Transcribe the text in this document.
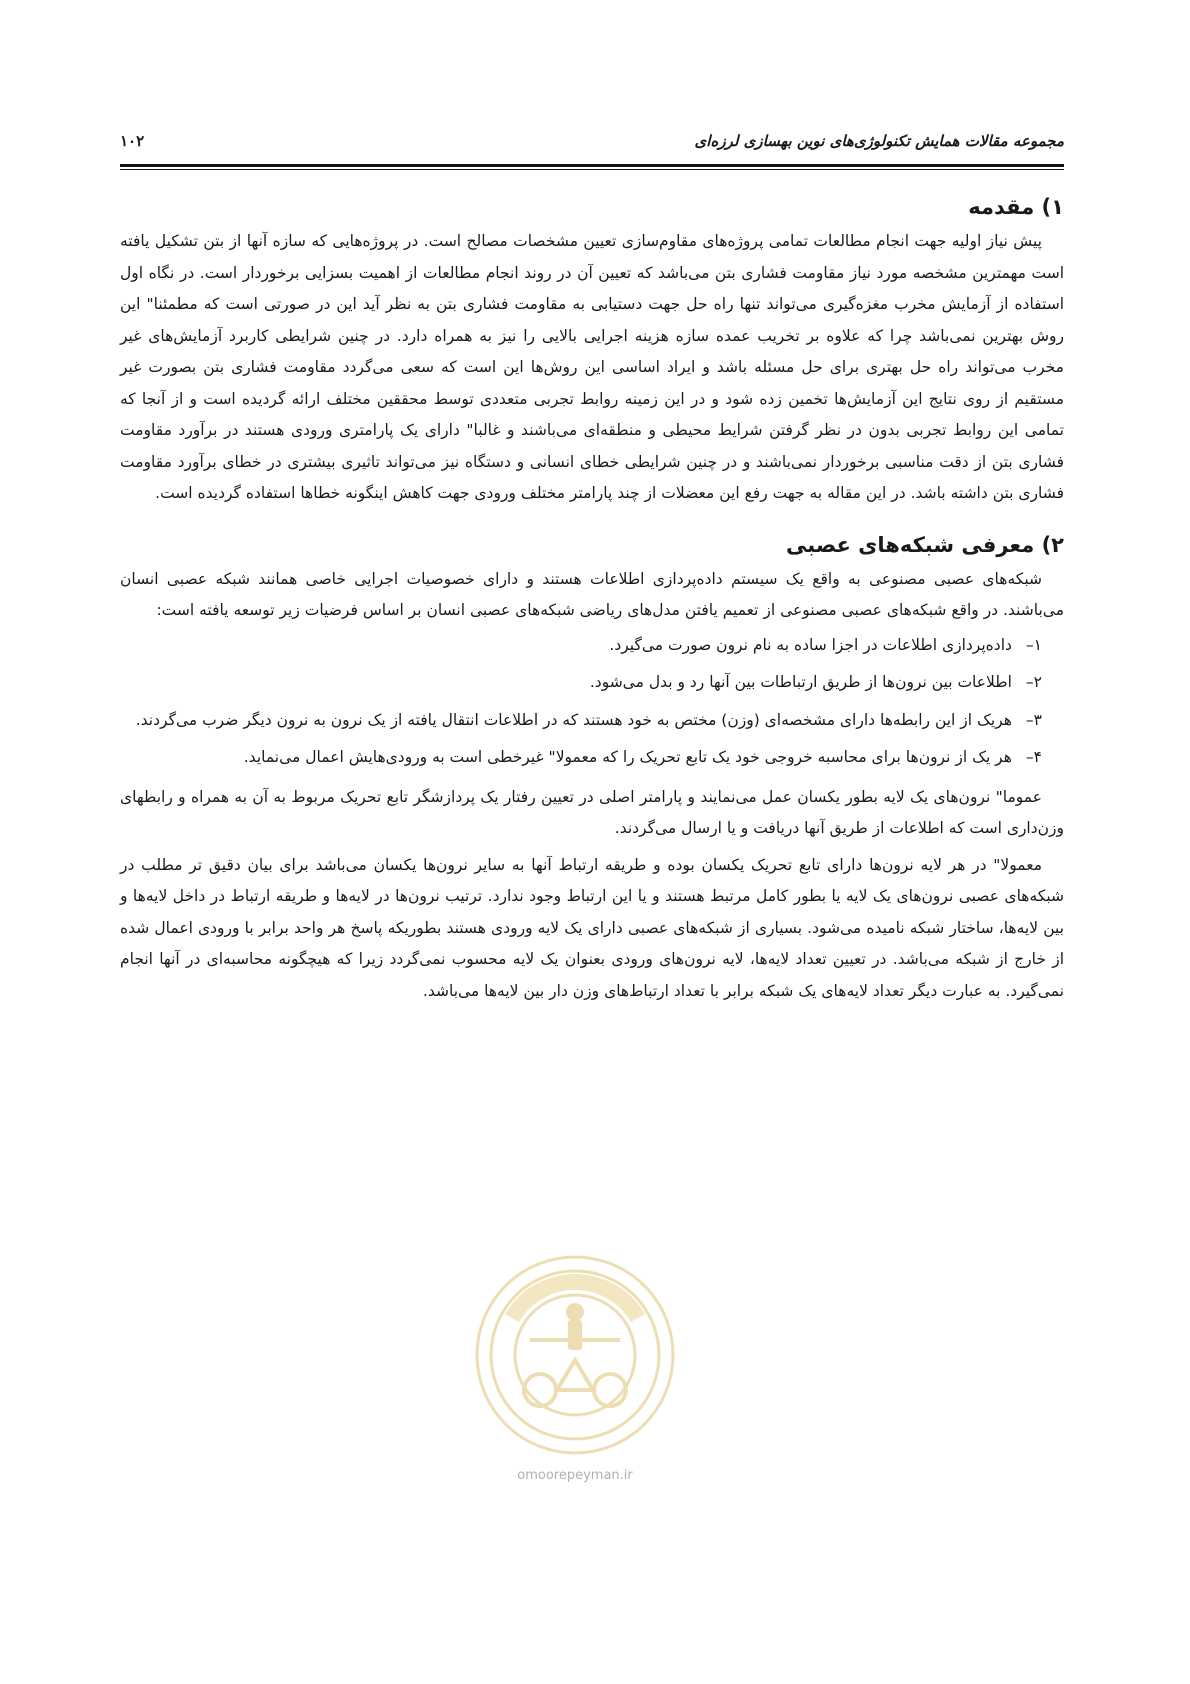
مجموعه مقالات همایش تکنولوژی‌های نوین بهسازی لرزه‌ای
۱۰۲
۱) مقدمه

پیش نیاز اولیه جهت انجام مطالعات تمامی پروژه‌های مقاوم‌سازی تعیین مشخصات مصالح است. در پروژه‌هایی که سازه آنها از بتن تشکیل یافته است مهمترین مشخصه مورد نیاز مقاومت فشاری بتن می‌باشد که تعیین آن در روند انجام مطالعات از اهمیت بسزایی برخوردار است. در نگاه اول استفاده از آزمایش مخرب مغزه‌گیری می‌تواند تنها راه حل جهت دستیابی به مقاومت فشاری بتن به نظر آید این در صورتی است که مطمئنا" این روش بهترین نمی‌باشد چرا که علاوه بر تخریب عمده سازه هزینه اجرایی بالایی را نیز به همراه دارد. در چنین شرایطی کاربرد آزمایش‌های غیر مخرب می‌تواند راه حل بهتری برای حل مسئله باشد و ایراد اساسی این روش‌ها این است که سعی می‌گردد مقاومت فشاری بتن بصورت غیر مستقیم از روی نتایج این آزمایش‌ها تخمین زده شود و در این زمینه روابط تجربی متعددی توسط محققین مختلف ارائه گردیده است و از آنجا که تمامی این روابط تجربی بدون در نظر گرفتن شرایط محیطی و منطقه‌ای می‌باشند و غالبا" دارای یک پارامتری ورودی هستند در برآورد مقاومت فشاری بتن از دقت مناسبی برخوردار نمی‌باشند و در چنین شرایطی خطای انسانی و دستگاه نیز می‌تواند تاثیری بیشتری در خطای برآورد مقاومت فشاری بتن داشته باشد. در این مقاله به جهت رفع این معضلات از چند پارامتر مختلف ورودی جهت کاهش اینگونه خطاها استفاده گردیده است.

۲) معرفی شبکه‌های عصبی

شبکه‌های عصبی مصنوعی به واقع یک سیستم داده‌پردازی اطلاعات هستند و دارای خصوصیات اجرایی خاصی همانند شبکه عصبی انسان می‌باشند. در واقع شبکه‌های عصبی مصنوعی از تعمیم یافتن مدل‌های ریاضی شبکه‌های عصبی انسان بر اساس فرضیات زیر توسعه یافته است:

۱–داده‌پردازی اطلاعات در اجزا ساده به نام نرون صورت می‌گیرد.
۲–اطلاعات بین نرون‌ها از طریق ارتباطات بین آنها رد و بدل می‌شود.
۳–هریک از این رابطه‌ها دارای مشخصه‌ای (وزن) مختص به خود هستند که در اطلاعات انتقال یافته از یک نرون به نرون دیگر ضرب می‌گردند.
۴–هر یک از نرون‌ها برای محاسبه خروجی خود یک تابع تحریک را که معمولا" غیرخطی است به ورودی‌هایش اعمال می‌نماید.

عموما" نرون‌های یک لایه بطور یکسان عمل می‌نمایند و پارامتر اصلی در تعیین رفتار یک پردازشگر تابع تحریک مربوط به آن به همراه و رابطهای وزن‌داری است که اطلاعات از طریق آنها دریافت و یا ارسال می‌گردند.

معمولا" در هر لایه نرون‌ها دارای تابع تحریک یکسان بوده و طریقه ارتباط آنها به سایر نرون‌ها یکسان می‌باشد برای بیان دقیق تر مطلب در شبکه‌های عصبی نرون‌های یک لایه یا بطور کامل مرتبط هستند و یا این ارتباط وجود ندارد. ترتیب نرون‌ها در لایه‌ها و طریقه ارتباط در داخل لایه‌ها و بین لایه‌ها، ساختار شبکه نامیده می‌شود. بسیاری از شبکه‌های عصبی دارای یک لایه ورودی هستند بطوریکه پاسخ هر واحد برابر با ورودی اعمال شده از خارج از شبکه می‌باشد. در تعیین تعداد لایه‌ها، لایه نرون‌های ورودی بعنوان یک لایه محسوب نمی‌گردد زیرا که هیچگونه محاسبه‌ای در آنها انجام نمی‌گیرد. به عبارت دیگر تعداد لایه‌های یک شبکه برابر با تعداد ارتباط‌های وزن دار بین لایه‌ها می‌باشد.

omoorepeyman.ir
